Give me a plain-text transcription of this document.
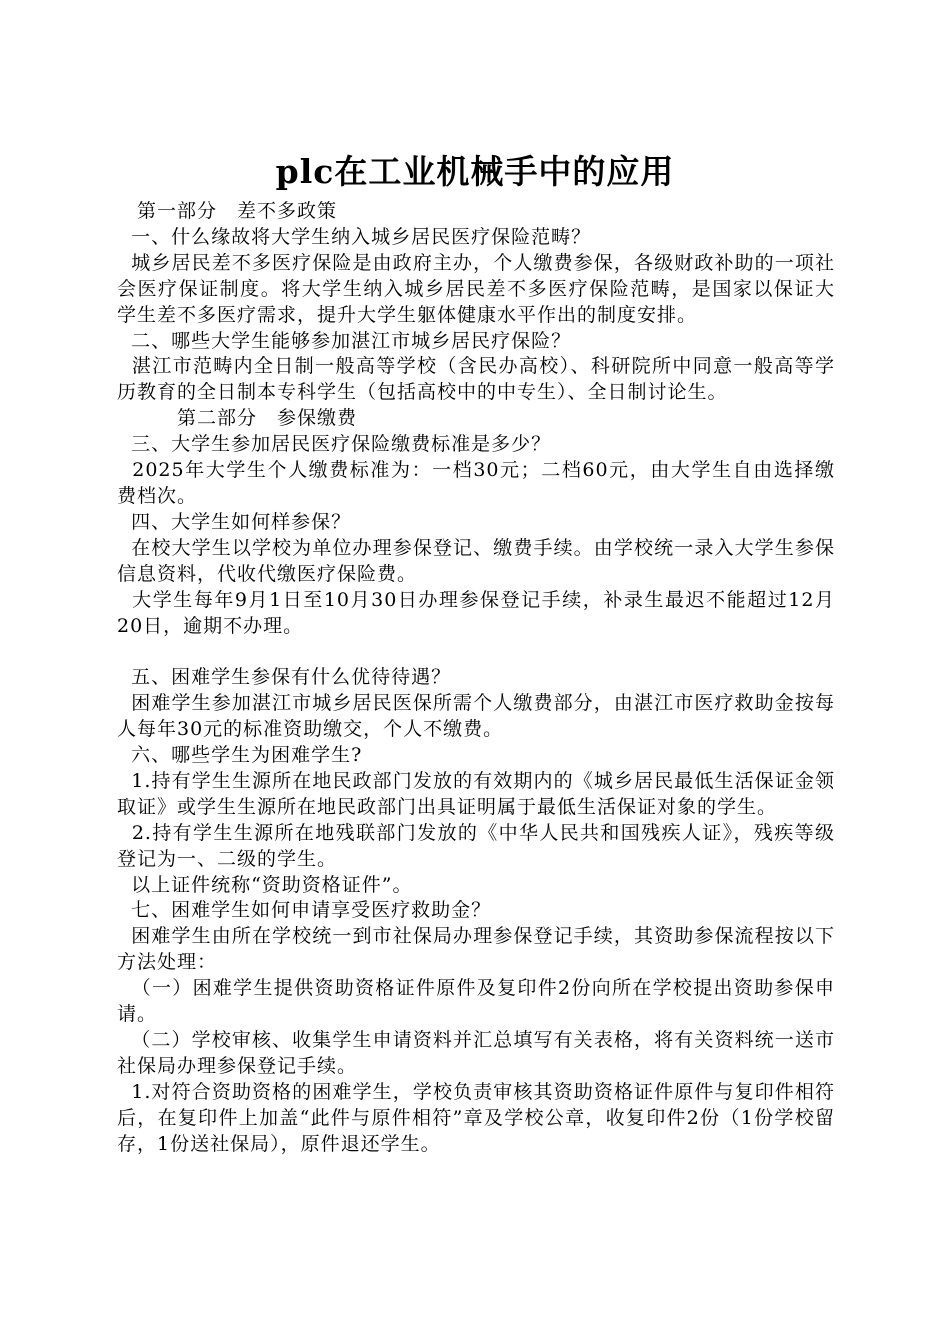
plc在工业机械手中的应用

　第一部分　差不多政策

一、什么缘故将大学生纳入城乡居民医疗保险范畴？

城乡居民差不多医疗保险是由政府主办，个人缴费参保，各级财政补助的一项社会医疗保证制度。将大学生纳入城乡居民差不多医疗保险范畴，是国家以保证大学生差不多医疗需求，提升大学生躯体健康水平作出的制度安排。

二、哪些大学生能够参加湛江市城乡居民疗保险？

湛江市范畴内全日制一般高等学校（含民办高校）、科研院所中同意一般高等学历教育的全日制本专科学生（包括高校中的中专生）、全日制讨论生。

　　　第二部分　参保缴费

三、大学生参加居民医疗保险缴费标准是多少？

2025年大学生个人缴费标准为：一档30元；二档60元，由大学生自由选择缴费档次。

四、大学生如何样参保？

在校大学生以学校为单位办理参保登记、缴费手续。由学校统一录入大学生参保信息资料，代收代缴医疗保险费。

大学生每年9月1日至10月30日办理参保登记手续，补录生最迟不能超过12月20日，逾期不办理。

五、困难学生参保有什么优待待遇？

困难学生参加湛江市城乡居民医保所需个人缴费部分，由湛江市医疗救助金按每人每年30元的标准资助缴交，个人不缴费。

六、哪些学生为困难学生?

1.持有学生生源所在地民政部门发放的有效期内的《城乡居民最低生活保证金领取证》或学生生源所在地民政部门出具证明属于最低生活保证对象的学生。

2.持有学生生源所在地残联部门发放的《中华人民共和国残疾人证》，残疾等级登记为一、二级的学生。

以上证件统称“资助资格证件”。

七、困难学生如何申请享受医疗救助金？

困难学生由所在学校统一到市社保局办理参保登记手续，其资助参保流程按以下方法处理：

（一）困难学生提供资助资格证件原件及复印件2份向所在学校提出资助参保申请。

（二）学校审核、收集学生申请资料并汇总填写有关表格，将有关资料统一送市社保局办理参保登记手续。

1.对符合资助资格的困难学生，学校负责审核其资助资格证件原件与复印件相符后，在复印件上加盖“此件与原件相符”章及学校公章，收复印件2份（1份学校留存，1份送社保局），原件退还学生。
